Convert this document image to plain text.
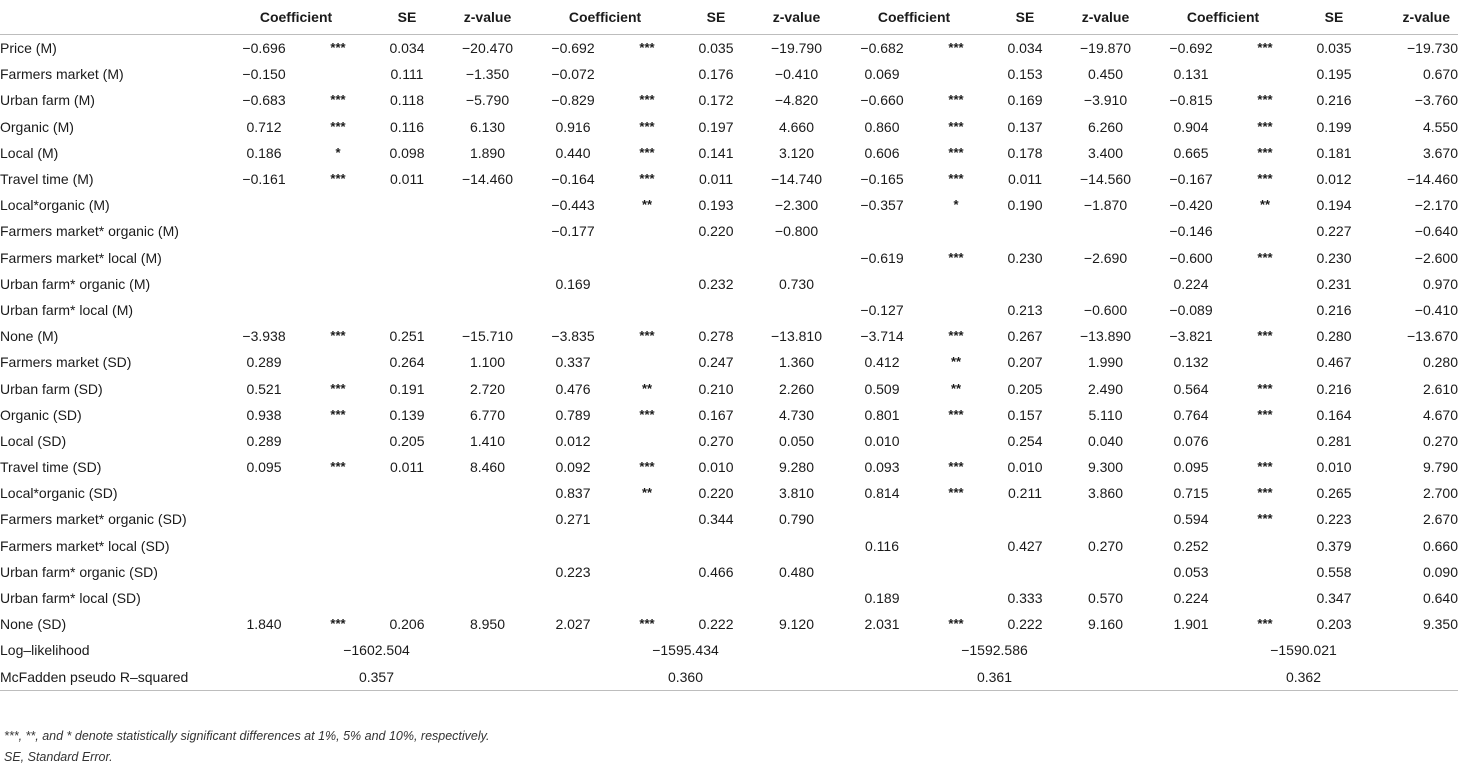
	Coefficient		SE	z-value	Coefficient		SE	z-value	Coefficient		SE	z-value	Coefficient		SE	z-value
Price (M)	−0.696	***	0.034	−20.470	−0.692	***	0.035	−19.790	−0.682	***	0.034	−19.870	−0.692	***	0.035	−19.730
Farmers market (M)	−0.150		0.111	−1.350	−0.072		0.176	−0.410	0.069		0.153	0.450	0.131		0.195	0.670
Urban farm (M)	−0.683	***	0.118	−5.790	−0.829	***	0.172	−4.820	−0.660	***	0.169	−3.910	−0.815	***	0.216	−3.760
Organic (M)	0.712	***	0.116	6.130	0.916	***	0.197	4.660	0.860	***	0.137	6.260	0.904	***	0.199	4.550
Local (M)	0.186	*	0.098	1.890	0.440	***	0.141	3.120	0.606	***	0.178	3.400	0.665	***	0.181	3.670
Travel time (M)	−0.161	***	0.011	−14.460	−0.164	***	0.011	−14.740	−0.165	***	0.011	−14.560	−0.167	***	0.012	−14.460
Local*organic (M)					−0.443	**	0.193	−2.300	−0.357	*	0.190	−1.870	−0.420	**	0.194	−2.170
Farmers market* organic (M)					−0.177		0.220	−0.800					−0.146		0.227	−0.640
Farmers market* local (M)									−0.619	***	0.230	−2.690	−0.600	***	0.230	−2.600
Urban farm* organic (M)					0.169		0.232	0.730					0.224		0.231	0.970
Urban farm* local (M)									−0.127		0.213	−0.600	−0.089		0.216	−0.410
None (M)	−3.938	***	0.251	−15.710	−3.835	***	0.278	−13.810	−3.714	***	0.267	−13.890	−3.821	***	0.280	−13.670
Farmers market (SD)	0.289		0.264	1.100	0.337		0.247	1.360	0.412	**	0.207	1.990	0.132		0.467	0.280
Urban farm (SD)	0.521	***	0.191	2.720	0.476	**	0.210	2.260	0.509	**	0.205	2.490	0.564	***	0.216	2.610
Organic (SD)	0.938	***	0.139	6.770	0.789	***	0.167	4.730	0.801	***	0.157	5.110	0.764	***	0.164	4.670
Local (SD)	0.289		0.205	1.410	0.012		0.270	0.050	0.010		0.254	0.040	0.076		0.281	0.270
Travel time (SD)	0.095	***	0.011	8.460	0.092	***	0.010	9.280	0.093	***	0.010	9.300	0.095	***	0.010	9.790
Local*organic (SD)					0.837	**	0.220	3.810	0.814	***	0.211	3.860	0.715	***	0.265	2.700
Farmers market* organic (SD)					0.271		0.344	0.790					0.594	***	0.223	2.670
Farmers market* local (SD)									0.116		0.427	0.270	0.252		0.379	0.660
Urban farm* organic (SD)					0.223		0.466	0.480					0.053		0.558	0.090
Urban farm* local (SD)									0.189		0.333	0.570	0.224		0.347	0.640
None (SD)	1.840	***	0.206	8.950	2.027	***	0.222	9.120	2.031	***	0.222	9.160	1.901	***	0.203	9.350
Log–likelihood	−1602.504				−1595.434				−1592.586				−1590.021			
McFadden pseudo R–squared	0.357				0.360				0.361				0.362			
***, **, and * denote statistically significant differences at 1%, 5% and 10%, respectively.
SE, Standard Error.
